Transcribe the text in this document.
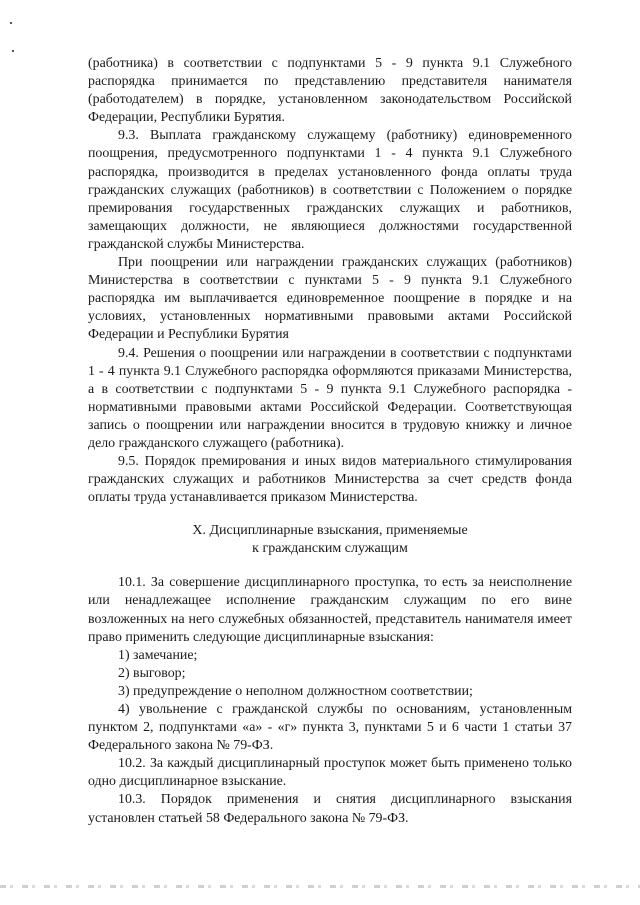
(работника) в соответствии с подпунктами 5 - 9 пункта 9.1 Служебного распорядка принимается по представлению представителя нанимателя (работодателем) в порядке, установленном законодательством Российской Федерации, Республики Бурятия.

9.3. Выплата гражданскому служащему (работнику) единовременного поощрения, предусмотренного подпунктами 1 - 4 пункта 9.1 Служебного распорядка, производится в пределах установленного фонда оплаты труда гражданских служащих (работников) в соответствии с Положением о порядке премирования государственных гражданских служащих и работников, замещающих должности, не являющиеся должностями государственной гражданской службы Министерства.

При поощрении или награждении гражданских служащих (работников) Министерства в соответствии с пунктами 5 - 9 пункта 9.1 Служебного распорядка им выплачивается единовременное поощрение в порядке и на условиях, установленных нормативными правовыми актами Российской Федерации и Республики Бурятия

9.4. Решения о поощрении или награждении в соответствии с подпунктами 1 - 4 пункта 9.1 Служебного распорядка оформляются приказами Министерства, а в соответствии с подпунктами 5 - 9 пункта 9.1 Служебного распорядка - нормативными правовыми актами Российской Федерации. Соответствующая запись о поощрении или награждении вносится в трудовую книжку и личное дело гражданского служащего (работника).

9.5. Порядок премирования и иных видов материального стимулирования гражданских служащих и работников Министерства за счет средств фонда оплаты труда устанавливается приказом Министерства.

X. Дисциплинарные взыскания, применяемые
к гражданским служащим

10.1. За совершение дисциплинарного проступка, то есть за неисполнение или ненадлежащее исполнение гражданским служащим по его вине возложенных на него служебных обязанностей, представитель нанимателя имеет право применить следующие дисциплинарные взыскания:

1) замечание;

2) выговор;

3) предупреждение о неполном должностном соответствии;

4) увольнение с гражданской службы по основаниям, установленным пунктом 2, подпунктами «а» - «г» пункта 3, пунктами 5 и 6 части 1 статьи 37 Федерального закона № 79-ФЗ.

10.2. За каждый дисциплинарный проступок может быть применено только одно дисциплинарное взыскание.

10.3. Порядок применения и снятия дисциплинарного взыскания установлен статьей 58 Федерального закона № 79-ФЗ.
